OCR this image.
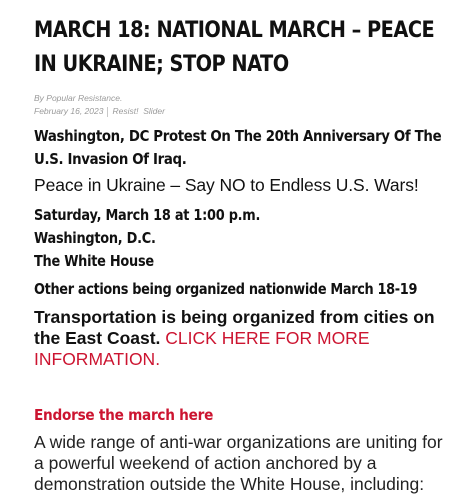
MARCH 18: NATIONAL MARCH – PEACE IN UKRAINE; STOP NATO
By Popular Resistance.
February 16, 2023 Resist! Slider
Washington, DC Protest On The 20th Anniversary Of The U.S. Invasion Of Iraq.
Peace in Ukraine – Say NO to Endless U.S. Wars!
Saturday, March 18 at 1:00 p.m.
Washington, D.C.
The White House
Other actions being organized nationwide March 18-19
Transportation is being organized from cities on the East Coast. CLICK HERE FOR MORE INFORMATION.
Endorse the march here
A wide range of anti-war organizations are uniting for a powerful weekend of action anchored by a demonstration outside the White House, including:
